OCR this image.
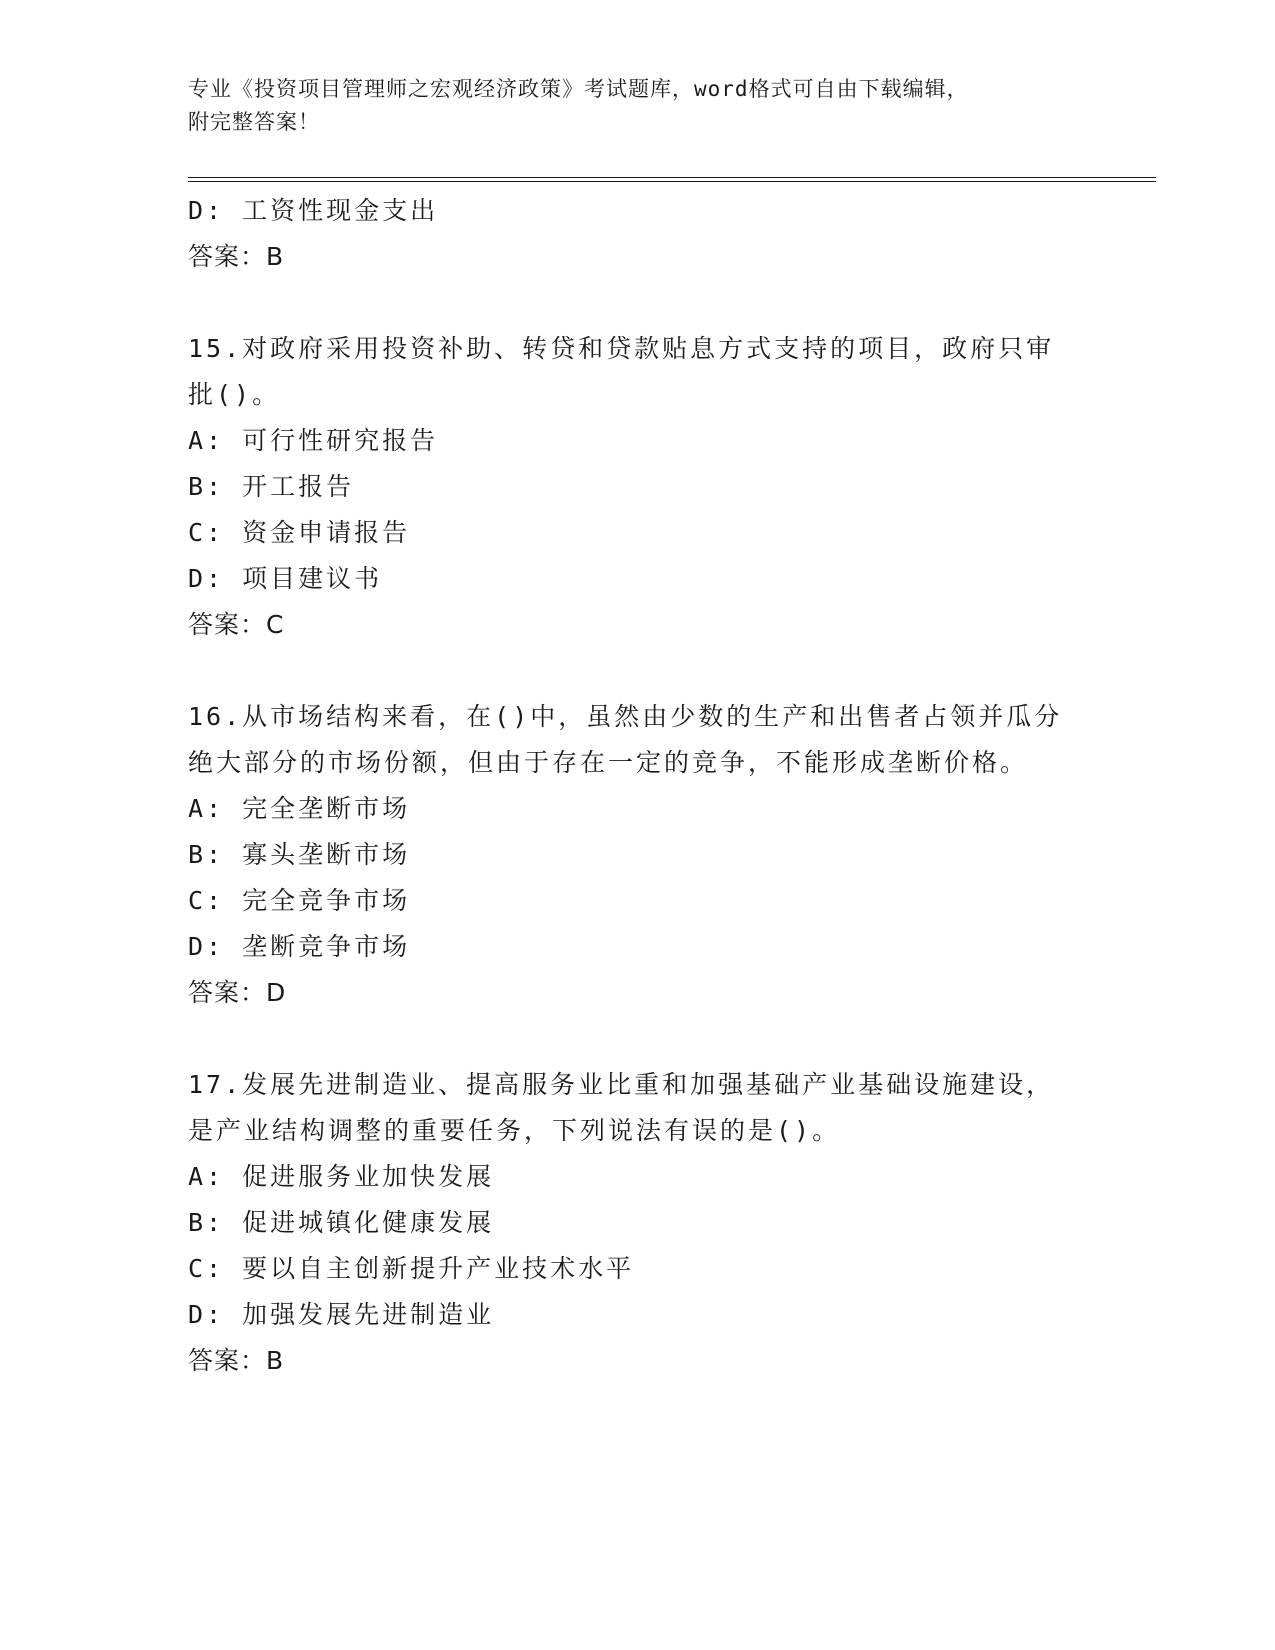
专业《投资项目管理师之宏观经济政策》考试题库，word格式可自由下载编辑，
附完整答案！
D: 工资性现金支出
答案：B
15.对政府采用投资补助、转贷和贷款贴息方式支持的项目，政府只审
批()。
A: 可行性研究报告
B: 开工报告
C: 资金申请报告
D: 项目建议书
答案：C
16.从市场结构来看，在()中，虽然由少数的生产和出售者占领并瓜分
绝大部分的市场份额，但由于存在一定的竞争，不能形成垄断价格。
A: 完全垄断市场
B: 寡头垄断市场
C: 完全竞争市场
D: 垄断竞争市场
答案：D
17.发展先进制造业、提高服务业比重和加强基础产业基础设施建设，
是产业结构调整的重要任务，下列说法有误的是()。
A: 促进服务业加快发展
B: 促进城镇化健康发展
C: 要以自主创新提升产业技术水平
D: 加强发展先进制造业
答案：B
